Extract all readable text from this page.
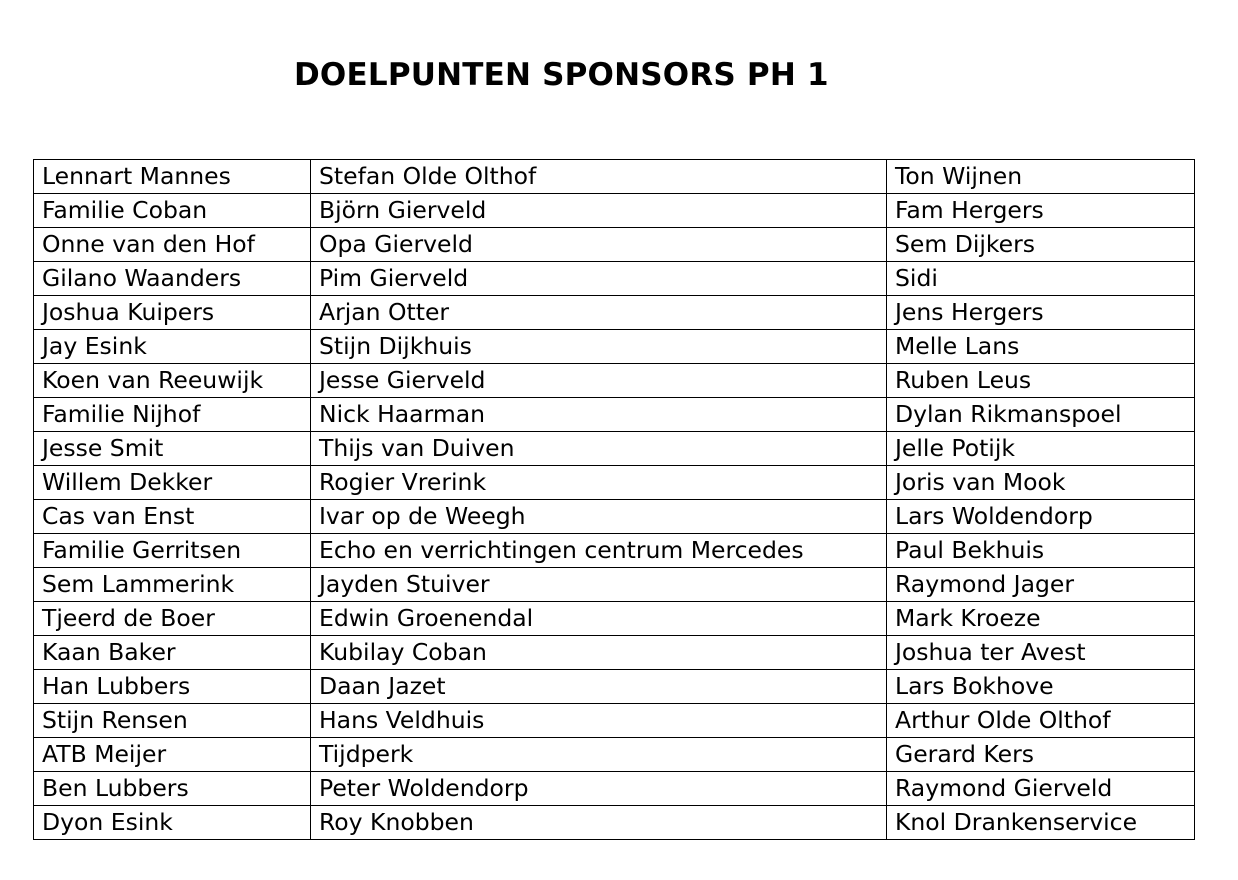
DOELPUNTEN SPONSORS PH 1
Lennart Mannes	Stefan Olde Olthof	Ton Wijnen
Familie Coban	Björn Gierveld	Fam Hergers
Onne van den Hof	Opa Gierveld	Sem Dijkers
Gilano Waanders	Pim Gierveld	Sidi
Joshua Kuipers	Arjan Otter	Jens Hergers
Jay Esink	Stijn Dijkhuis	Melle Lans
Koen van Reeuwijk	Jesse Gierveld	Ruben Leus
Familie Nijhof	Nick Haarman	Dylan Rikmanspoel
Jesse Smit	Thijs van Duiven	Jelle Potijk
Willem Dekker	Rogier Vrerink	Joris van Mook
Cas van Enst	Ivar op de Weegh	Lars Woldendorp
Familie Gerritsen	Echo en verrichtingen centrum Mercedes	Paul Bekhuis
Sem Lammerink	Jayden Stuiver	Raymond Jager
Tjeerd de Boer	Edwin Groenendal	Mark Kroeze
Kaan Baker	Kubilay Coban	Joshua ter Avest
Han Lubbers	Daan Jazet	Lars Bokhove
Stijn Rensen	Hans Veldhuis	Arthur Olde Olthof
ATB Meijer	Tijdperk	Gerard Kers
Ben Lubbers	Peter Woldendorp	Raymond Gierveld
Dyon Esink	Roy Knobben	Knol Drankenservice
